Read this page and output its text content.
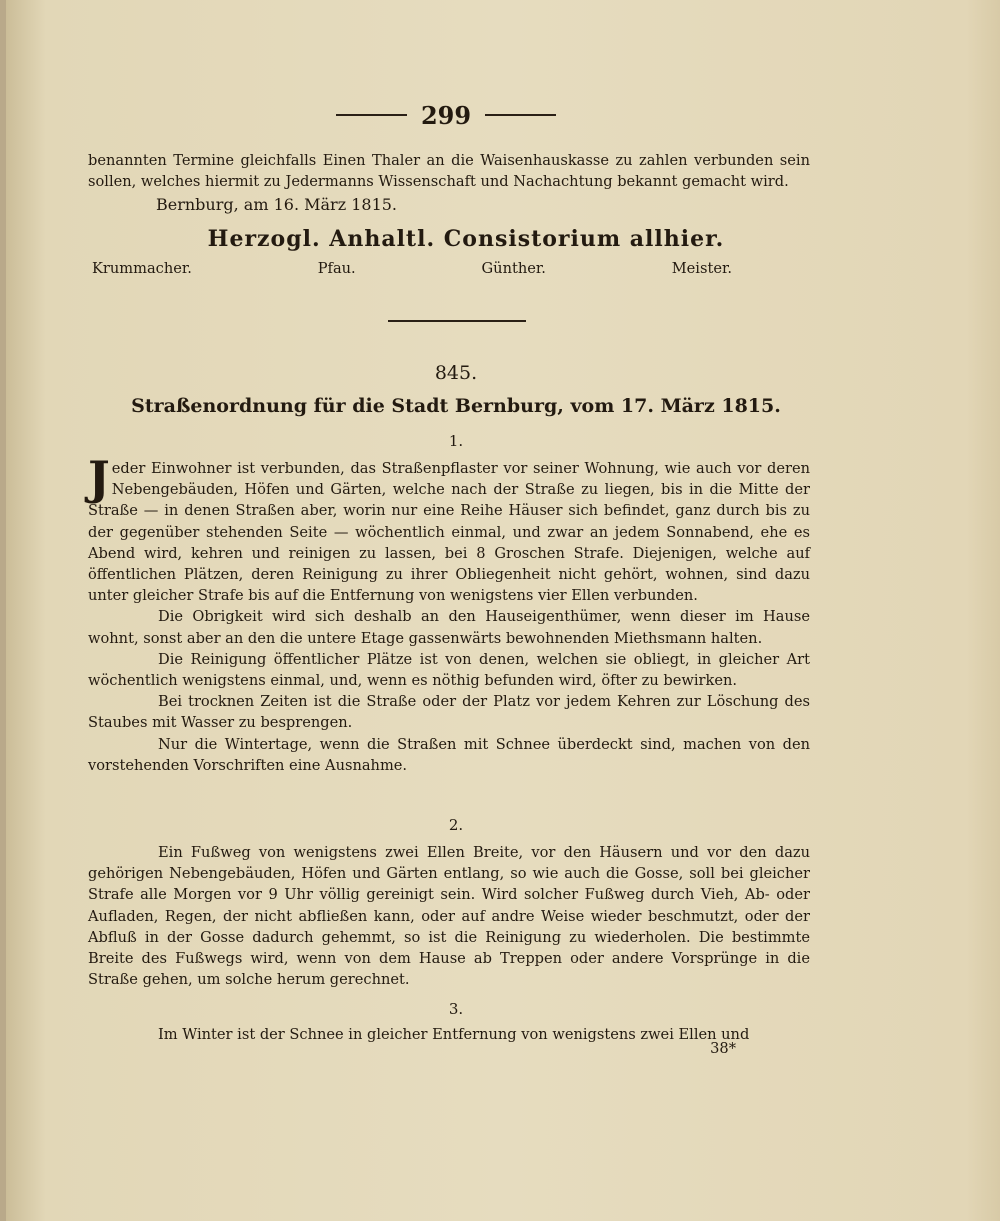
299

benannten Termine gleichfalls Einen Thaler an die Waisenhauskasse zu zahlen verbunden sein sollen, welches hiermit zu Jedermanns Wissenschaft und Nachachtung bekannt gemacht wird.

Bernburg, am 16. März 1815.
Herzogl. Anhaltl. Consistorium allhier.
Krummacher.	Pfau.	Günther.	Meister.
845.
Straßenordnung für die Stadt Bernburg, vom 17. März 1815.
1.

Jeder Einwohner ist verbunden, das Straßenpflaster vor seiner Wohnung, wie auch vor deren Nebengebäuden, Höfen und Gärten, welche nach der Straße zu liegen, bis in die Mitte der Straße — in denen Straßen aber, worin nur eine Reihe Häuser sich befindet, ganz durch bis zu der gegenüber stehenden Seite — wöchentlich einmal, und zwar an jedem Sonnabend, ehe es Abend wird, kehren und reinigen zu lassen, bei 8 Groschen Strafe. Diejenigen, welche auf öffentlichen Plätzen, deren Reinigung zu ihrer Obliegenheit nicht gehört, wohnen, sind dazu unter gleicher Strafe bis auf die Entfernung von wenigstens vier Ellen verbunden.

Die Obrigkeit wird sich deshalb an den Hauseigenthümer, wenn dieser im Hause wohnt, sonst aber an den die untere Etage gassenwärts bewohnenden Miethsmann halten.

Die Reinigung öffentlicher Plätze ist von denen, welchen sie obliegt, in gleicher Art wöchentlich wenigstens einmal, und, wenn es nöthig befunden wird, öfter zu bewirken.

Bei trocknen Zeiten ist die Straße oder der Platz vor jedem Kehren zur Löschung des Staubes mit Wasser zu besprengen.

Nur die Wintertage, wenn die Straßen mit Schnee überdeckt sind, machen von den vorstehenden Vorschriften eine Ausnahme.

2.

Ein Fußweg von wenigstens zwei Ellen Breite, vor den Häusern und vor den dazu gehörigen Nebengebäuden, Höfen und Gärten entlang, so wie auch die Gosse, soll bei gleicher Strafe alle Morgen vor 9 Uhr völlig gereinigt sein. Wird solcher Fußweg durch Vieh, Ab- oder Aufladen, Regen, der nicht abfließen kann, oder auf andre Weise wieder beschmutzt, oder der Abfluß in der Gosse dadurch gehemmt, so ist die Reinigung zu wiederholen. Die bestimmte Breite des Fußwegs wird, wenn von dem Hause ab Treppen oder andere Vorsprünge in die Straße gehen, um solche herum gerechnet.

3.

Im Winter ist der Schnee in gleicher Entfernung von wenigstens zwei Ellen und

38*
